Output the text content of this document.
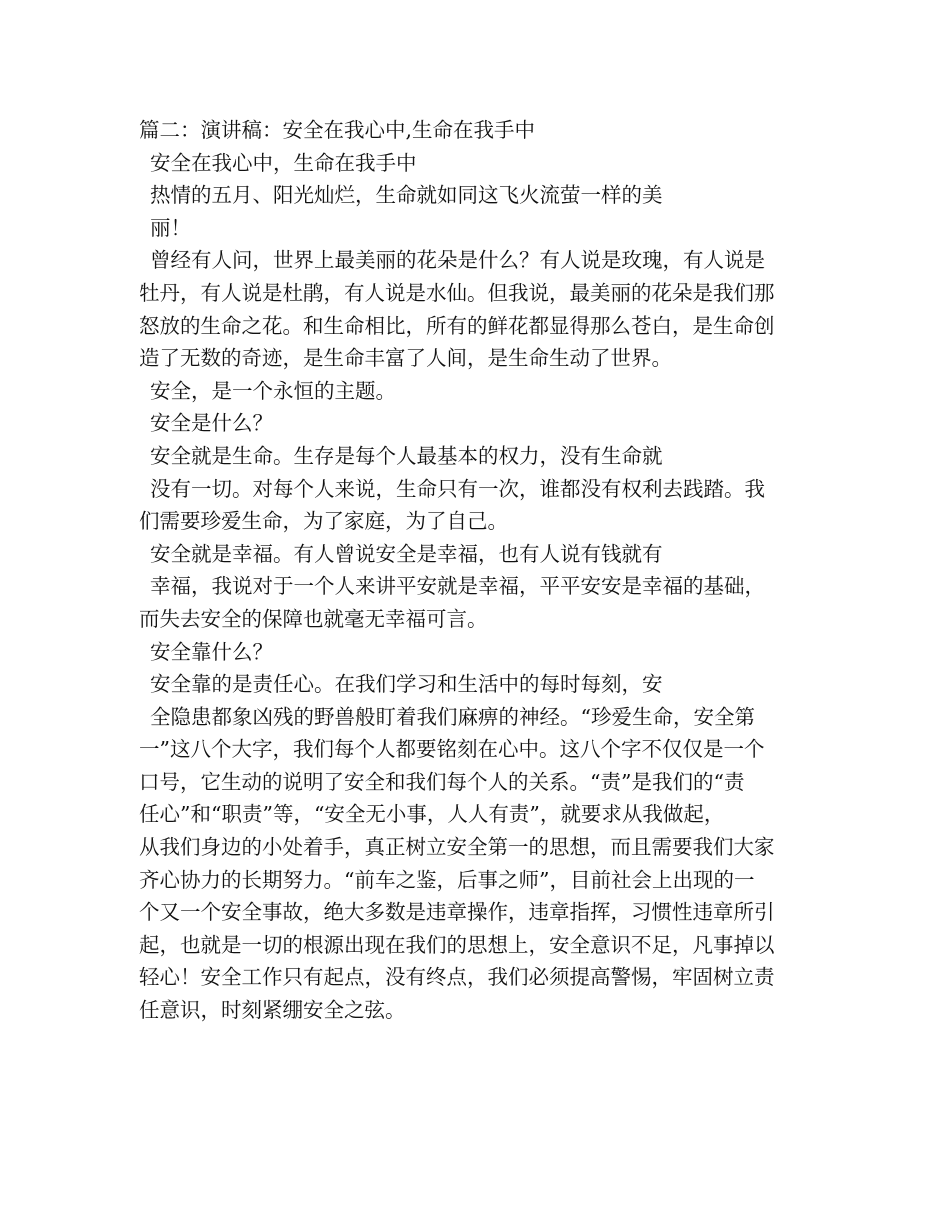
篇二：演讲稿：安全在我心中,生命在我手中
安全在我心中，生命在我手中
热情的五月、阳光灿烂，生命就如同这飞火流萤一样的美
丽！
曾经有人问，世界上最美丽的花朵是什么？有人说是玫瑰，有人说是
牡丹，有人说是杜鹃，有人说是水仙。但我说，最美丽的花朵是我们那
怒放的生命之花。和生命相比，所有的鲜花都显得那么苍白，是生命创
造了无数的奇迹，是生命丰富了人间，是生命生动了世界。
安全，是一个永恒的主题。
安全是什么？
安全就是生命。生存是每个人最基本的权力，没有生命就
没有一切。对每个人来说，生命只有一次，谁都没有权利去践踏。我
们需要珍爱生命，为了家庭，为了自己。
安全就是幸福。有人曾说安全是幸福，也有人说有钱就有
幸福，我说对于一个人来讲平安就是幸福，平平安安是幸福的基础，
而失去安全的保障也就毫无幸福可言。
安全靠什么？
安全靠的是责任心。在我们学习和生活中的每时每刻，安
全隐患都象凶残的野兽般盯着我们麻痹的神经。“珍爱生命，安全第
一”这八个大字，我们每个人都要铭刻在心中。这八个字不仅仅是一个
口号，它生动的说明了安全和我们每个人的关系。“责”是我们的“责
任心”和“职责”等，“安全无小事，人人有责”，就要求从我做起，
从我们身边的小处着手，真正树立安全第一的思想，而且需要我们大家
齐心协力的长期努力。“前车之鉴，后事之师”，目前社会上出现的一
个又一个安全事故，绝大多数是违章操作，违章指挥，习惯性违章所引
起，也就是一切的根源出现在我们的思想上，安全意识不足，凡事掉以
轻心！安全工作只有起点，没有终点，我们必须提高警惕，牢固树立责
任意识，时刻紧绷安全之弦。
